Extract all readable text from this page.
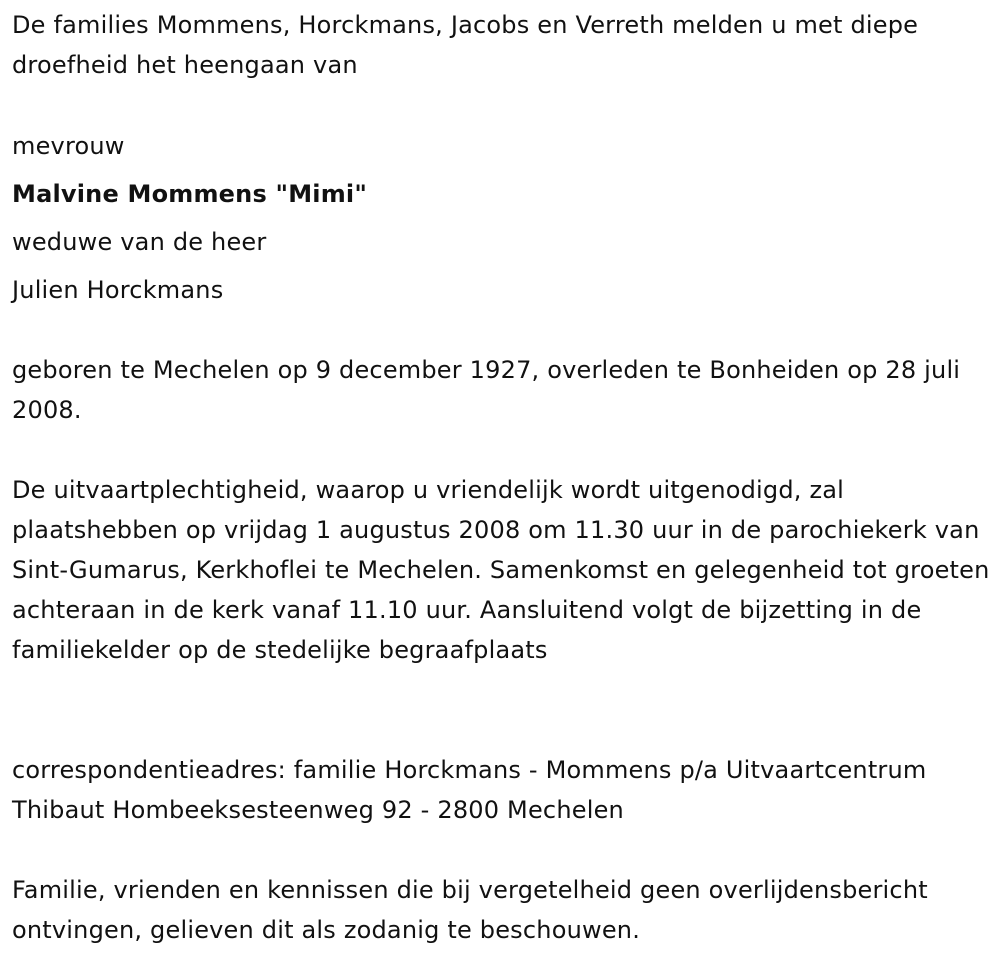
De families Mommens, Horckmans, Jacobs en Verreth melden u met diepe droefheid het heengaan van
mevrouw
Malvine Mommens "Mimi"
weduwe van de heer
Julien Horckmans
geboren te Mechelen op 9 december 1927, overleden te Bonheiden op 28 juli 2008.
De uitvaartplechtigheid, waarop u vriendelijk wordt uitgenodigd, zal plaatshebben op vrijdag 1 augustus 2008 om 11.30 uur in de parochiekerk van Sint-Gumarus, Kerkhoflei te Mechelen. Samenkomst en gelegenheid tot groeten achteraan in de kerk vanaf 11.10 uur. Aansluitend volgt de bijzetting in de familiekelder op de stedelijke begraafplaats
correspondentieadres: familie Horckmans - Mommens p/a Uitvaartcentrum Thibaut Hombeeksesteenweg 92 - 2800 Mechelen
Familie, vrienden en kennissen die bij vergetelheid geen overlijdensbericht ontvingen, gelieven dit als zodanig te beschouwen.
